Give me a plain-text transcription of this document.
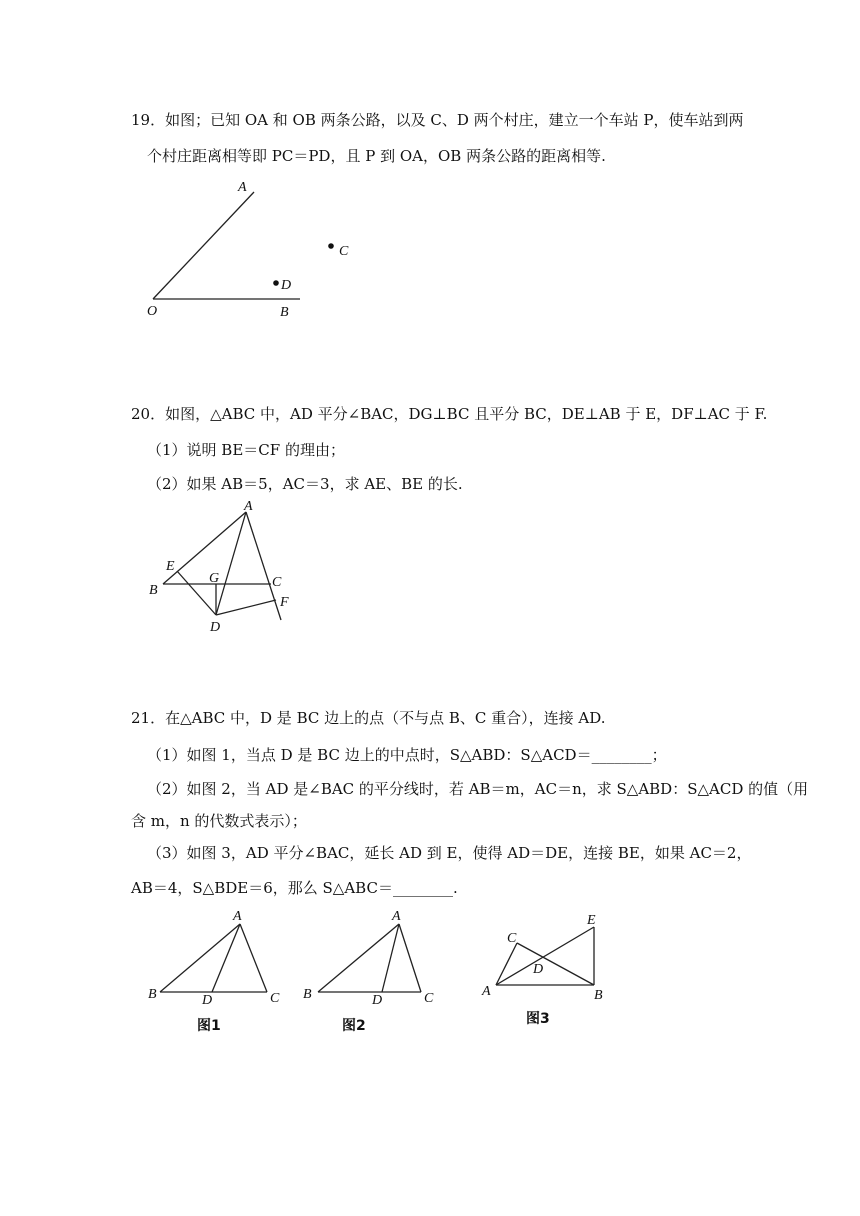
19．如图；已知 OA 和 OB 两条公路，以及 C、D 两个村庄，建立一个车站 P，使车站到两
个村庄距离相等即 PC＝PD，且 P 到 OA，OB 两条公路的距离相等.
A
O	B
C
D
20．如图，△ABC 中，AD 平分∠BAC，DG⊥BC 且平分 BC，DE⊥AB 于 E，DF⊥AC 于 F.
（1）说明 BE＝CF 的理由；
（2）如果 AB＝5，AC＝3，求 AE、BE 的长.
A
E
G	C
B
F
D
21．在△ABC 中，D 是 BC 边上的点（不与点 B、C 重合），连接 AD.
（1）如图 1，当点 D 是 BC 边上的中点时，S△ABD：S△ACD＝________；
（2）如图 2，当 AD 是∠BAC 的平分线时，若 AB＝m，AC＝n，求 S△ABD：S△ACD 的值（用
含 m，n 的代数式表示）；
（3）如图 3，AD 平分∠BAC，延长 AD 到 E，使得 AD＝DE，连接 BE，如果 AC＝2，
AB＝4，S△BDE＝6，那么 S△ABC＝________.
A
B	D	C
图1
A
B	D	C
图2
C
E
D
A	B
图3
